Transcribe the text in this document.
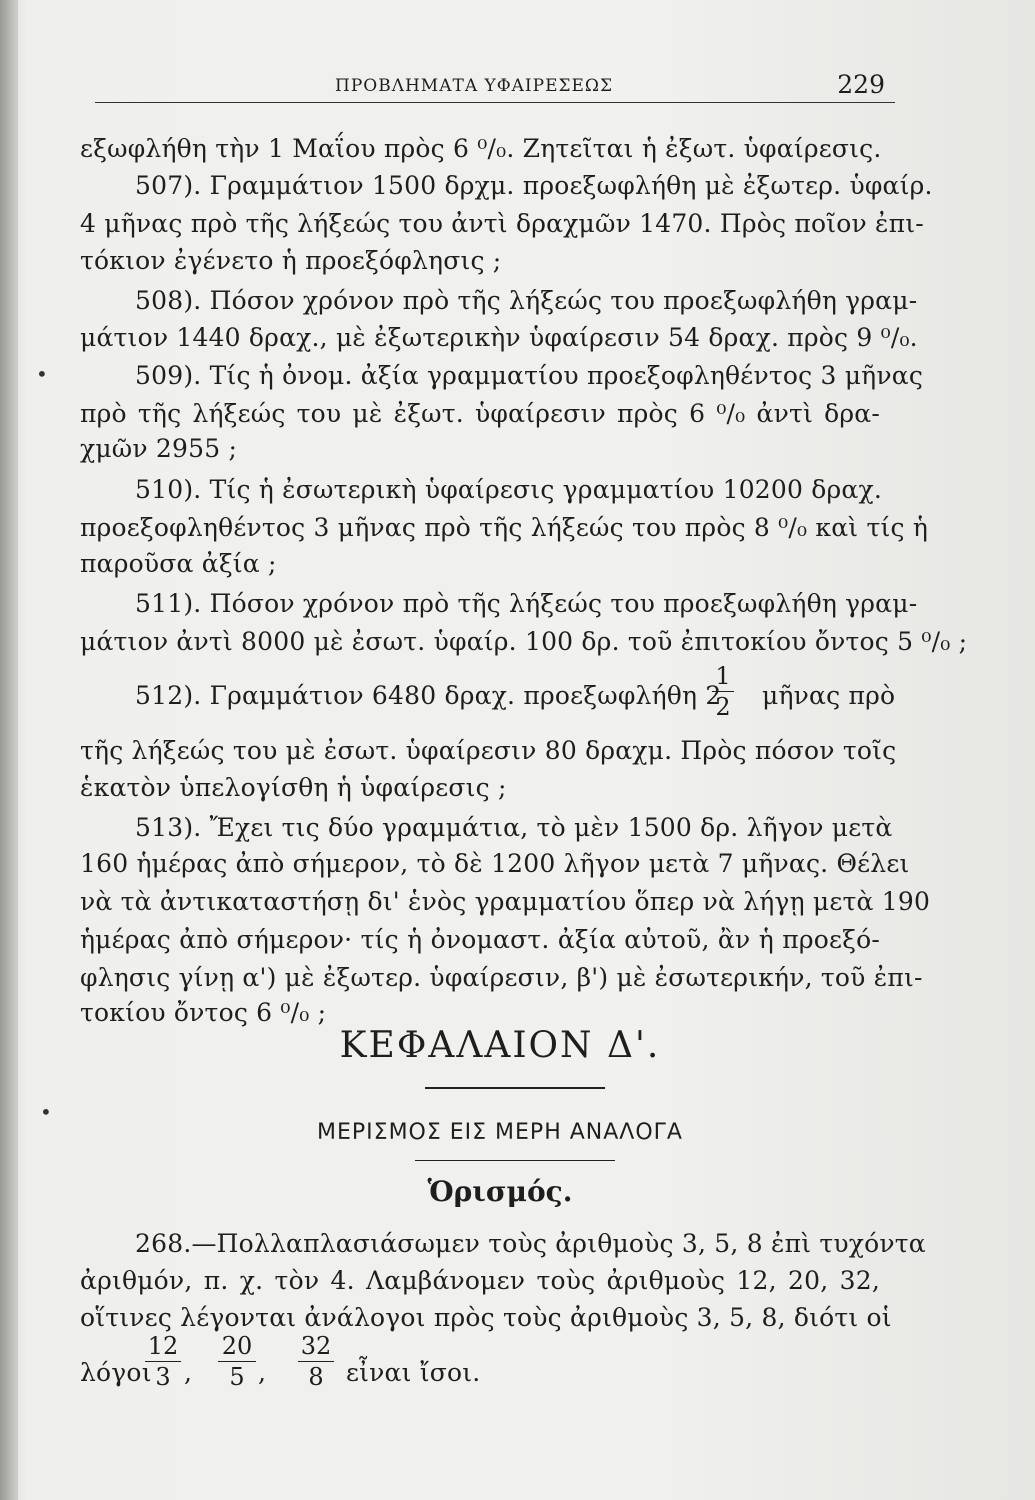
ΠΡΟΒΛΗΜΑΤΑ ΥΦΑΙΡΕΣΕΩΣ	229
εξωφλήθη τὴν 1 Μαΐου πρὸς 6 ⁰/₀. Ζητεῖται ἡ ἐξωτ. ὑφαίρεσις.
507). Γραμμάτιον 1500 δρχμ. προεξωφλήθη μὲ ἐξωτερ. ὑφαίρ.
4 μῆνας πρὸ τῆς λήξεώς του ἀντὶ δραχμῶν 1470. Πρὸς ποῖον ἐπι-
τόκιον ἐγένετο ἡ προεξόφλησις ;
508). Πόσον χρόνον πρὸ τῆς λήξεώς του προεξωφλήθη γραμ-
μάτιον 1440 δραχ., μὲ ἐξωτερικὴν ὑφαίρεσιν 54 δραχ. πρὸς 9 ⁰/₀.
509). Τίς ἡ ὀνομ. ἀξία γραμματίου προεξοφληθέντος 3 μῆνας
πρὸ τῆς λήξεώς του μὲ ἐξωτ. ὑφαίρεσιν πρὸς 6 ⁰/₀ ἀντὶ δρα-
χμῶν 2955 ;
510). Τίς ἡ ἐσωτερικὴ ὑφαίρεσις γραμματίου 10200 δραχ.
προεξοφληθέντος 3 μῆνας πρὸ τῆς λήξεώς του πρὸς 8 ⁰/₀ καὶ τίς ἡ
παροῦσα ἀξία ;
511). Πόσον χρόνον πρὸ τῆς λήξεώς του προεξωφλήθη γραμ-
μάτιον ἀντὶ 8000 μὲ ἐσωτ. ὑφαίρ. 100 δρ. τοῦ ἐπιτοκίου ὄντος 5 ⁰/₀ ;
512). Γραμμάτιον 6480 δραχ. προεξωφλήθη 2
1
2 μῆνας πρὸ
τῆς λήξεώς του μὲ ἐσωτ. ὑφαίρεσιν 80 δραχμ. Πρὸς πόσον τοῖς
ἑκατὸν ὑπελογίσθη ἡ ὑφαίρεσις ;
513). Ἔχει τις δύο γραμμάτια, τὸ μὲν 1500 δρ. λῆγον μετὰ
160 ἡμέρας ἀπὸ σήμερον, τὸ δὲ 1200 λῆγον μετὰ 7 μῆνας. Θέλει
νὰ τὰ ἀντικαταστήσῃ δι' ἑνὸς γραμματίου ὅπερ νὰ λήγῃ μετὰ 190
ἡμέρας ἀπὸ σήμερον· τίς ἡ ὀνομαστ. ἀξία αὐτοῦ, ἂν ἡ προεξό-
φλησις γίνῃ α') μὲ ἐξωτερ. ὑφαίρεσιν, β') μὲ ἐσωτερικήν, τοῦ ἐπι-
τοκίου ὄντος 6 ⁰/₀ ;
ΚΕΦΑΛΑΙΟΝ Δ'.
ΜΕΡΙΣΜΟΣ ΕΙΣ ΜΕΡΗ ΑΝΑΛΟΓΑ
Ὁρισμός.
268.—Πολλαπλασιάσωμεν τοὺς ἀριθμοὺς 3, 5, 8 ἐπὶ τυχόντα
ἀριθμόν, π. χ. τὸν 4. Λαμβάνομεν τοὺς ἀριθμοὺς 12, 20, 32,
οἵτινες λέγονται ἀνάλογοι πρὸς τοὺς ἀριθμοὺς 3, 5, 8, διότι οἱ
λόγοι
12
3 ,
20
5 ,
32
8 εἶναι ἴσοι.
•
•
